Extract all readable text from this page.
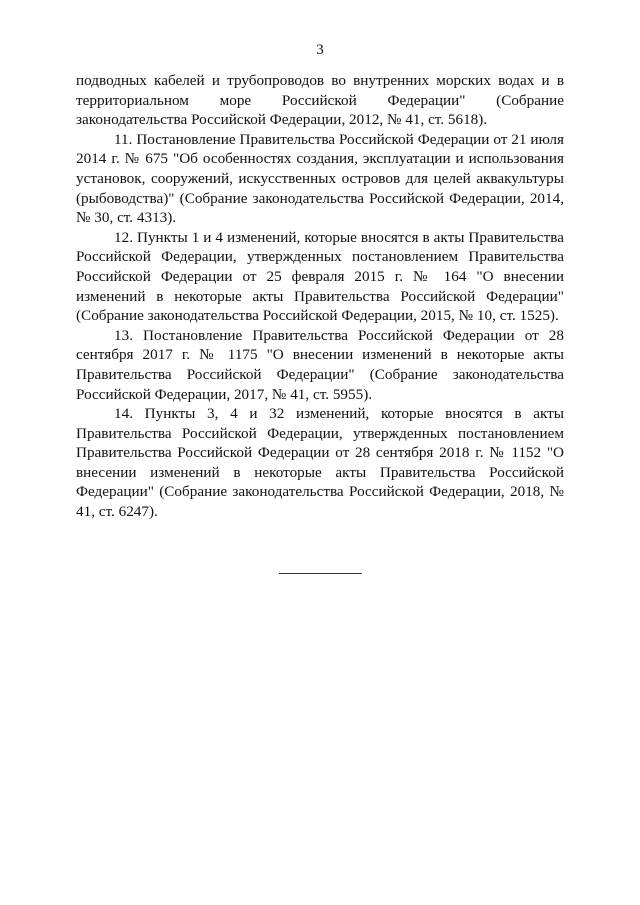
3

подводных кабелей и трубопроводов во внутренних морских водах и в территориальном море Российской Федерации" (Собрание законодательства Российской Федерации, 2012, № 41, ст. 5618).

11. Постановление Правительства Российской Федерации от 21 июля 2014 г. № 675 "Об особенностях создания, эксплуатации и использования установок, сооружений, искусственных островов для целей аквакультуры (рыбоводства)" (Собрание законодательства Российской Федерации, 2014, № 30, ст. 4313).

12. Пункты 1 и 4 изменений, которые вносятся в акты Правительства Российской Федерации, утвержденных постановлением Правительства Российской Федерации от 25 февраля 2015 г. № 164 "О внесении изменений в некоторые акты Правительства Российской Федерации" (Собрание законодательства Российской Федерации, 2015, № 10, ст. 1525).

13. Постановление Правительства Российской Федерации от 28 сентября 2017 г. № 1175 "О внесении изменений в некоторые акты Правительства Российской Федерации" (Собрание законодательства Российской Федерации, 2017, № 41, ст. 5955).

14. Пункты 3, 4 и 32 изменений, которые вносятся в акты Правительства Российской Федерации, утвержденных постановлением Правительства Российской Федерации от 28 сентября 2018 г. № 1152 "О внесении изменений в некоторые акты Правительства Российской Федерации" (Собрание законодательства Российской Федерации, 2018, № 41, ст. 6247).
